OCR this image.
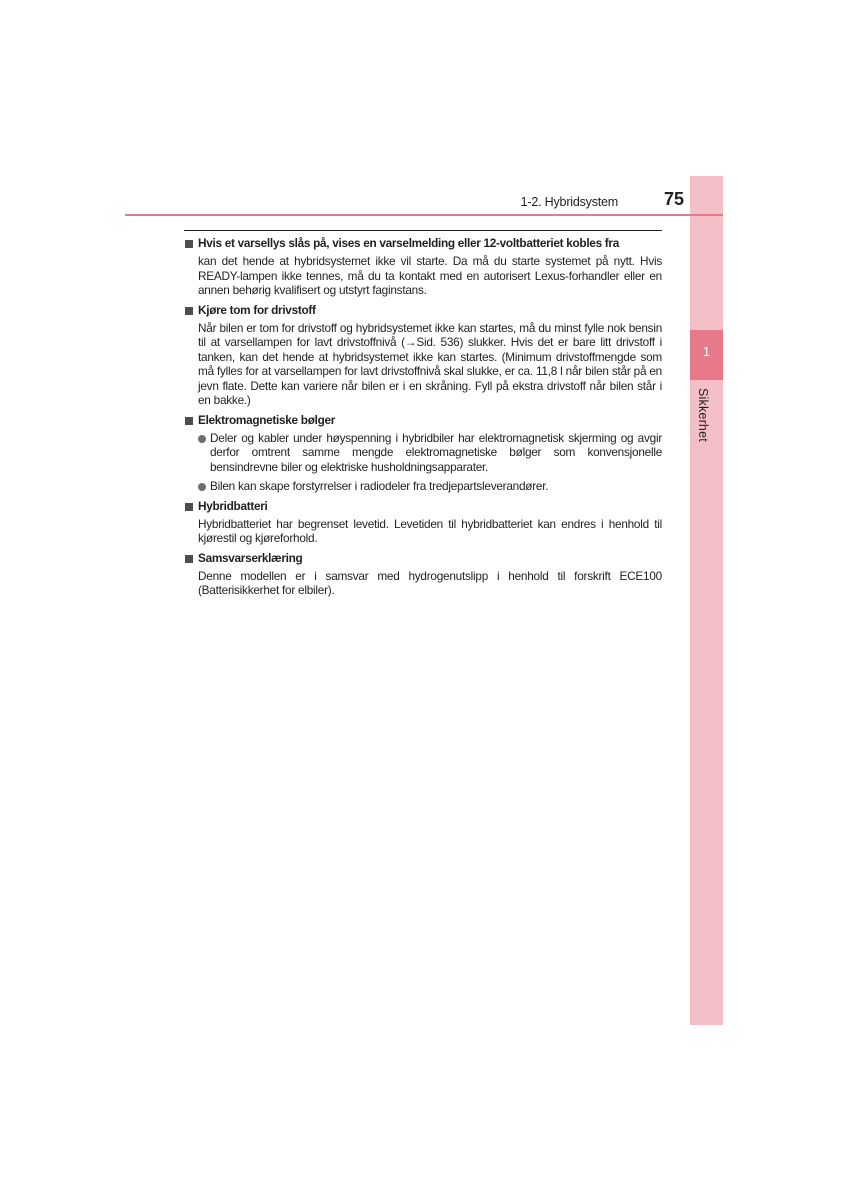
1
Sikkerhet
1-2. Hybridsystem	75
Hvis et varsellys slås på, vises en varselmelding eller 12-voltbatteriet kobles fra

kan det hende at hybridsystemet ikke vil starte. Da må du starte systemet på nytt. Hvis READY-lampen ikke tennes, må du ta kontakt med en autorisert Lexus-forhandler eller en annen behørig kvalifisert og utstyrt faginstans.

Kjøre tom for drivstoff

Når bilen er tom for drivstoff og hybridsystemet ikke kan startes, må du minst fylle nok bensin til at varsellampen for lavt drivstoffnivå (→Sid. 536) slukker. Hvis det er bare litt drivstoff i tanken, kan det hende at hybridsystemet ikke kan startes. (Minimum drivstoffmengde som må fylles for at varsellampen for lavt drivstoffnivå skal slukke, er ca. 11,8 l når bilen står på en jevn flate. Dette kan variere når bilen er i en skråning. Fyll på ekstra drivstoff når bilen står i en bakke.)

Elektromagnetiske bølger
Deler og kabler under høyspenning i hybridbiler har elektromagnetisk skjerming og avgir derfor omtrent samme mengde elektromagnetiske bølger som konvensjonelle bensindrevne biler og elektriske husholdningsapparater.
Bilen kan skape forstyrrelser i radiodeler fra tredjepartsleverandører.
Hybridbatteri

Hybridbatteriet har begrenset levetid. Levetiden til hybridbatteriet kan endres i henhold til kjørestil og kjøreforhold.

Samsvarserklæring

Denne modellen er i samsvar med hydrogenutslipp i henhold til forskrift ECE100 (Batterisikkerhet for elbiler).
